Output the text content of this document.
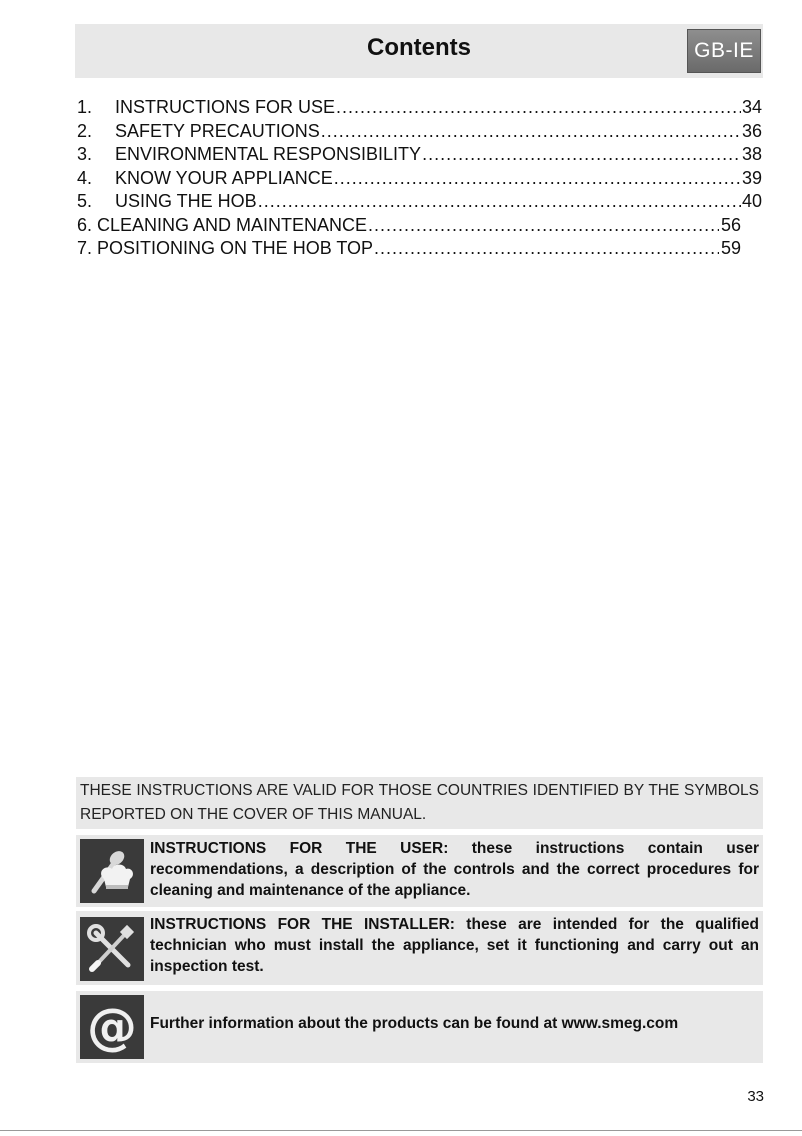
Contents	GB-IE
1. INSTRUCTIONS FOR USE .....	34
2. SAFETY PRECAUTIONS .....	36
3. ENVIRONMENTAL RESPONSIBILITY .....	38
4. KNOW YOUR APPLIANCE .....	39
5. USING THE HOB .....	40
6. CLEANING AND MAINTENANCE .....	56
7. POSITIONING ON THE HOB TOP .....	59
THESE INSTRUCTIONS ARE VALID FOR THOSE COUNTRIES IDENTIFIED BY THE SYMBOLS REPORTED ON THE COVER OF THIS MANUAL.
INSTRUCTIONS FOR THE USER: these instructions contain user recommendations, a description of the controls and the correct procedures for cleaning and maintenance of the appliance.
INSTRUCTIONS FOR THE INSTALLER: these are intended for the qualified technician who must install the appliance, set it functioning and carry out an inspection test.
@ Further information about the products can be found at www.smeg.com
33
